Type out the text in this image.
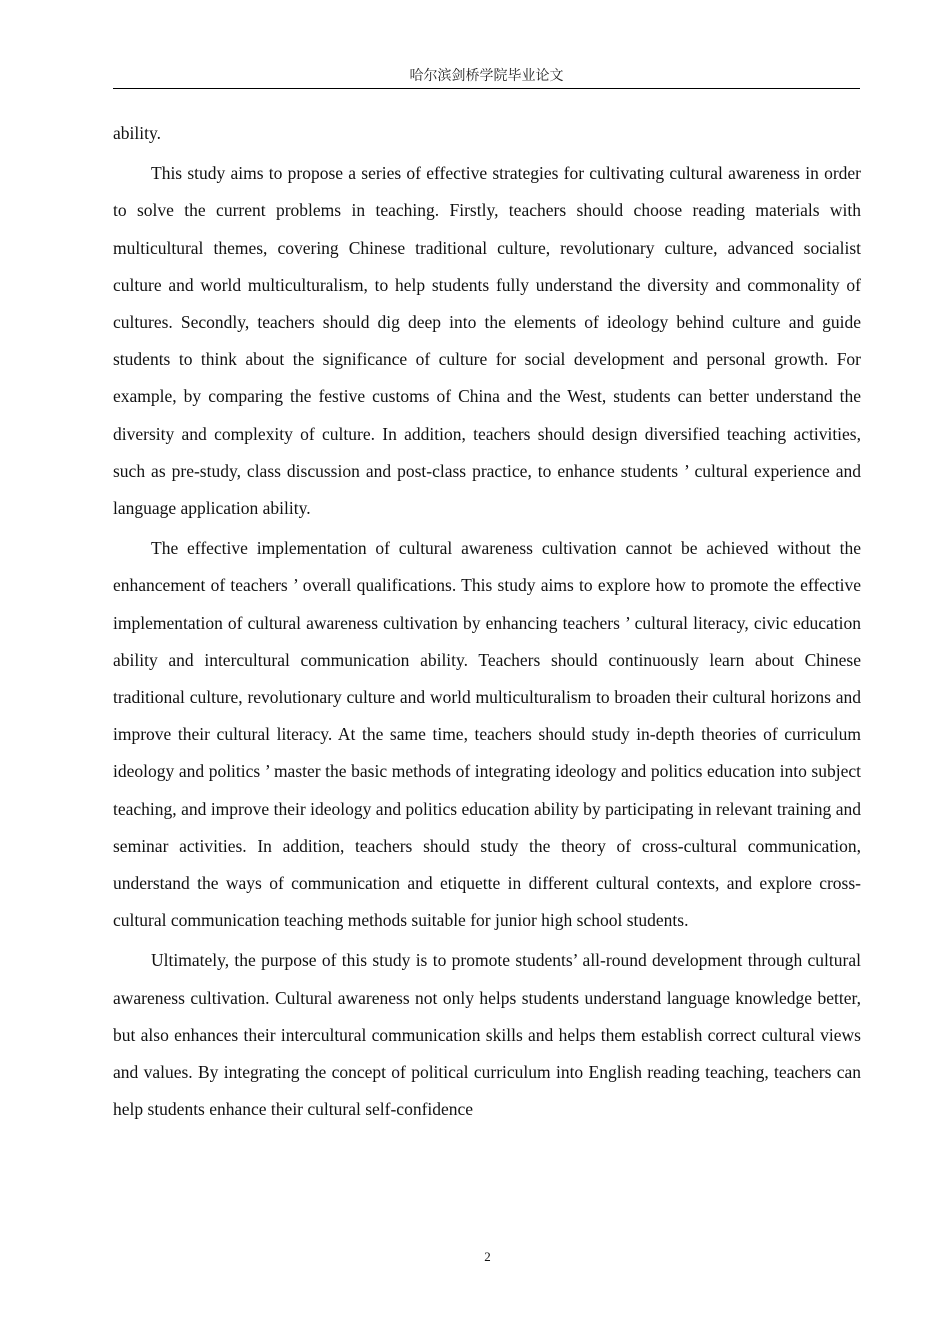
哈尔滨剑桥学院毕业论文

ability.

This study aims to propose a series of effective strategies for cultivating cultural awareness in order to solve the current problems in teaching. Firstly, teachers should choose reading materials with multicultural themes, covering Chinese traditional culture, revolutionary culture, advanced socialist culture and world multiculturalism, to help students fully understand the diversity and commonality of cultures. Secondly, teachers should dig deep into the elements of ideology behind culture and guide students to think about the significance of culture for social development and personal growth. For example, by comparing the festive customs of China and the West, students can better understand the diversity and complexity of culture. In addition, teachers should design diversified teaching activities, such as pre-study, class discussion and post-class practice, to enhance students ’ cultural experience and language application ability.

The effective implementation of cultural awareness cultivation cannot be achieved without the enhancement of teachers ’ overall qualifications. This study aims to explore how to promote the effective implementation of cultural awareness cultivation by enhancing teachers ’ cultural literacy, civic education ability and intercultural communication ability. Teachers should continuously learn about Chinese traditional culture, revolutionary culture and world multiculturalism to broaden their cultural horizons and improve their cultural literacy. At the same time, teachers should study in-depth theories of curriculum ideology and politics ’ master the basic methods of integrating ideology and politics education into subject teaching, and improve their ideology and politics education ability by participating in relevant training and seminar activities. In addition, teachers should study the theory of cross-cultural communication, understand the ways of communication and etiquette in different cultural contexts, and explore cross-cultural communication teaching methods suitable for junior high school students.

Ultimately, the purpose of this study is to promote students’ all-round development through cultural awareness cultivation. Cultural awareness not only helps students understand language knowledge better, but also enhances their intercultural communication skills and helps them establish correct cultural views and values. By integrating the concept of political curriculum into English reading teaching, teachers can help students enhance their cultural self-confidence

2
